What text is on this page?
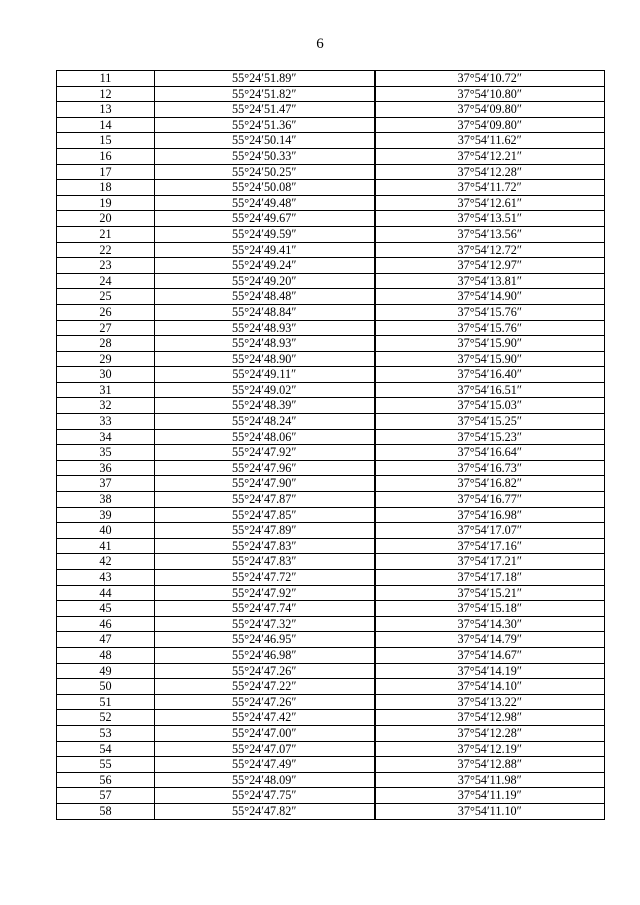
6
11	55°24′51.89″	37°54′10.72″
12	55°24′51.82″	37°54′10.80″
13	55°24′51.47″	37°54′09.80″
14	55°24′51.36″	37°54′09.80″
15	55°24′50.14″	37°54′11.62″
16	55°24′50.33″	37°54′12.21″
17	55°24′50.25″	37°54′12.28″
18	55°24′50.08″	37°54′11.72″
19	55°24′49.48″	37°54′12.61″
20	55°24′49.67″	37°54′13.51″
21	55°24′49.59″	37°54′13.56″
22	55°24′49.41″	37°54′12.72″
23	55°24′49.24″	37°54′12.97″
24	55°24′49.20″	37°54′13.81″
25	55°24′48.48″	37°54′14.90″
26	55°24′48.84″	37°54′15.76″
27	55°24′48.93″	37°54′15.76″
28	55°24′48.93″	37°54′15.90″
29	55°24′48.90″	37°54′15.90″
30	55°24′49.11″	37°54′16.40″
31	55°24′49.02″	37°54′16.51″
32	55°24′48.39″	37°54′15.03″
33	55°24′48.24″	37°54′15.25″
34	55°24′48.06″	37°54′15.23″
35	55°24′47.92″	37°54′16.64″
36	55°24′47.96″	37°54′16.73″
37	55°24′47.90″	37°54′16.82″
38	55°24′47.87″	37°54′16.77″
39	55°24′47.85″	37°54′16.98″
40	55°24′47.89″	37°54′17.07″
41	55°24′47.83″	37°54′17.16″
42	55°24′47.83″	37°54′17.21″
43	55°24′47.72″	37°54′17.18″
44	55°24′47.92″	37°54′15.21″
45	55°24′47.74″	37°54′15.18″
46	55°24′47.32″	37°54′14.30″
47	55°24′46.95″	37°54′14.79″
48	55°24′46.98″	37°54′14.67″
49	55°24′47.26″	37°54′14.19″
50	55°24′47.22″	37°54′14.10″
51	55°24′47.26″	37°54′13.22″
52	55°24′47.42″	37°54′12.98″
53	55°24′47.00″	37°54′12.28″
54	55°24′47.07″	37°54′12.19″
55	55°24′47.49″	37°54′12.88″
56	55°24′48.09″	37°54′11.98″
57	55°24′47.75″	37°54′11.19″
58	55°24′47.82″	37°54′11.10″
